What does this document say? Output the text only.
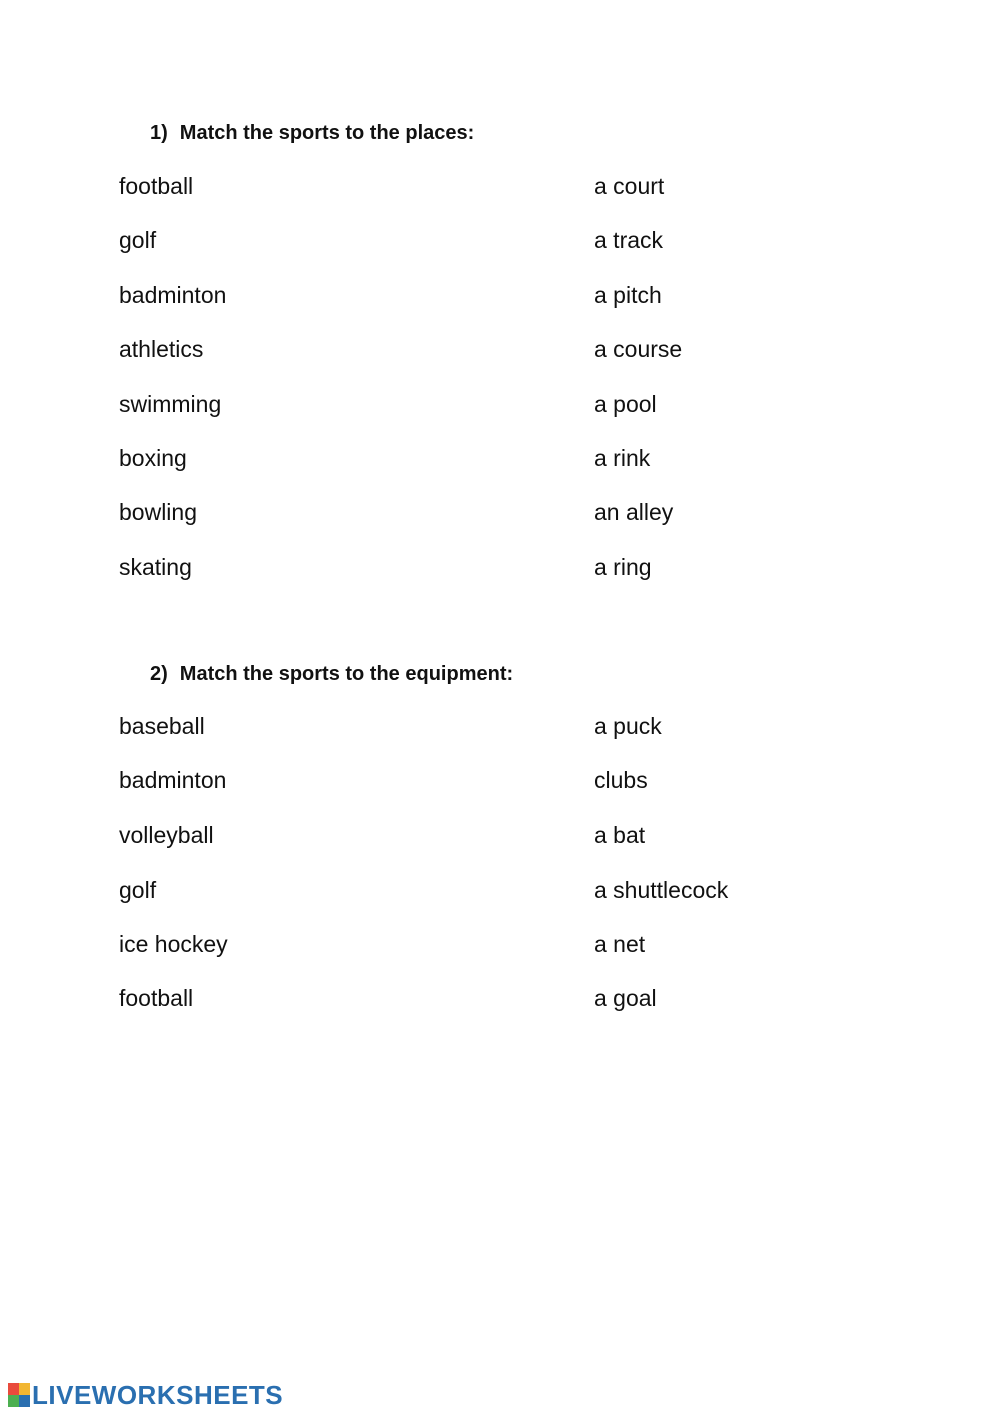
1) Match the sports to the places:
football	a court
golf	a track
badminton	a pitch
athletics	a course
swimming	a pool
boxing	a rink
bowling	an alley
skating	a ring
2) Match the sports to the equipment:
baseball	a puck
badminton	clubs
volleyball	a bat
golf	a shuttlecock
ice hockey	a net
football	a goal
LIVEWORKSHEETS
